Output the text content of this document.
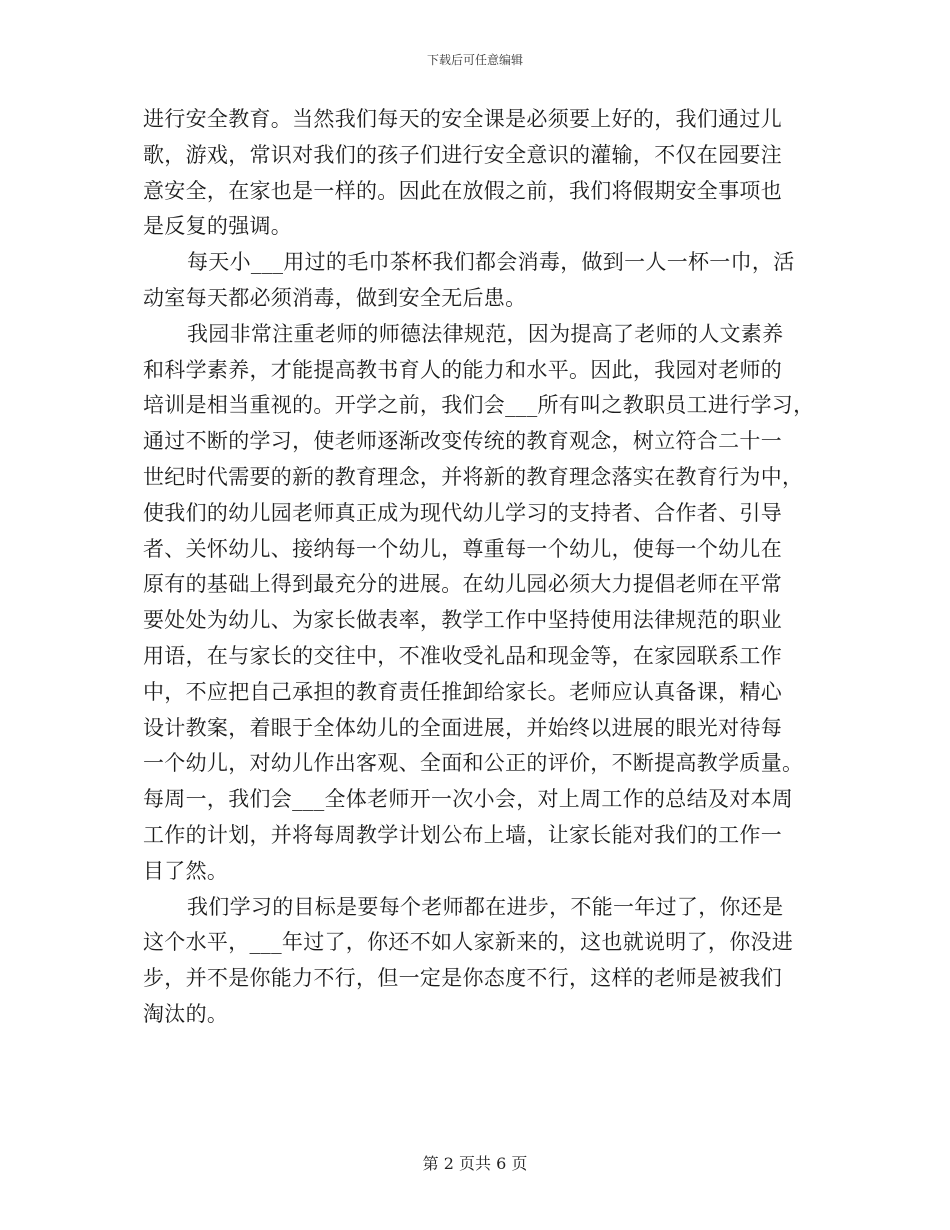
下载后可任意编辑
进行安全教育。当然我们每天的安全课是必须要上好的，我们通过儿
歌，游戏，常识对我们的孩子们进行安全意识的灌输，不仅在园要注
意安全，在家也是一样的。因此在放假之前，我们将假期安全事项也
是反复的强调。
每天小___用过的毛巾茶杯我们都会消毒，做到一人一杯一巾，活
动室每天都必须消毒，做到安全无后患。
我园非常注重老师的师德法律规范，因为提高了老师的人文素养
和科学素养，才能提高教书育人的能力和水平。因此，我园对老师的
培训是相当重视的。开学之前，我们会___所有叫之教职员工进行学习，
通过不断的学习，使老师逐渐改变传统的教育观念，树立符合二十一
世纪时代需要的新的教育理念，并将新的教育理念落实在教育行为中，
使我们的幼儿园老师真正成为现代幼儿学习的支持者、合作者、引导
者、关怀幼儿、接纳每一个幼儿，尊重每一个幼儿，使每一个幼儿在
原有的基础上得到最充分的进展。在幼儿园必须大力提倡老师在平常
要处处为幼儿、为家长做表率，教学工作中坚持使用法律规范的职业
用语，在与家长的交往中，不准收受礼品和现金等，在家园联系工作
中，不应把自己承担的教育责任推卸给家长。老师应认真备课，精心
设计教案，着眼于全体幼儿的全面进展，并始终以进展的眼光对待每
一个幼儿，对幼儿作出客观、全面和公正的评价，不断提高教学质量。
每周一，我们会___全体老师开一次小会，对上周工作的总结及对本周
工作的计划，并将每周教学计划公布上墙，让家长能对我们的工作一
目了然。
我们学习的目标是要每个老师都在进步，不能一年过了，你还是
这个水平，___年过了，你还不如人家新来的，这也就说明了，你没进
步，并不是你能力不行，但一定是你态度不行，这样的老师是被我们
淘汰的。
第 2 页共 6 页
